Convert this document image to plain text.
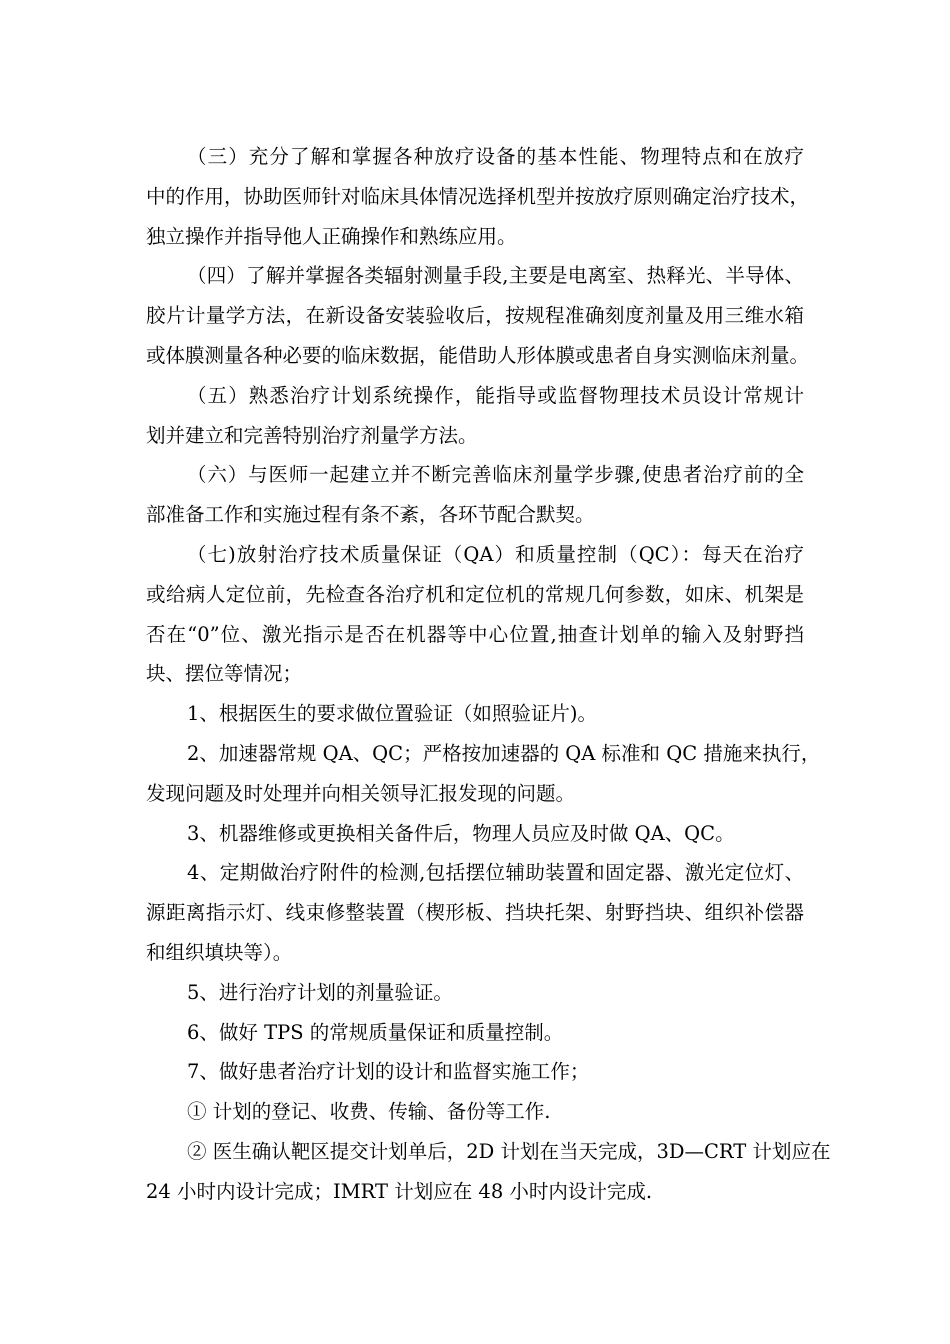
（三）充分了解和掌握各种放疗设备的基本性能、物理特点和在放疗
中的作用，协助医师针对临床具体情况选择机型并按放疗原则确定治疗技术，
独立操作并指导他人正确操作和熟练应用。

（四）了解并掌握各类辐射测量手段,主要是电离室、热释光、半导体、
胶片计量学方法，在新设备安装验收后，按规程准确刻度剂量及用三维水箱
或体膜测量各种必要的临床数据，能借助人形体膜或患者自身实测临床剂量。

（五）熟悉治疗计划系统操作，能指导或监督物理技术员设计常规计
划并建立和完善特别治疗剂量学方法。

（六）与医师一起建立并不断完善临床剂量学步骤,使患者治疗前的全
部准备工作和实施过程有条不紊，各环节配合默契。

（七)放射治疗技术质量保证（QA）和质量控制（QC）：每天在治疗
或给病人定位前，先检查各治疗机和定位机的常规几何参数，如床、机架是
否在“0”位、激光指示是否在机器等中心位置,抽查计划单的输入及射野挡
块、摆位等情况；

1、根据医生的要求做位置验证（如照验证片)。

2、加速器常规 QA、QC；严格按加速器的 QA 标准和 QC 措施来执行，
发现问题及时处理并向相关领导汇报发现的问题。

3、机器维修或更换相关备件后，物理人员应及时做 QA、QC。

4、定期做治疗附件的检测,包括摆位辅助装置和固定器、激光定位灯、
源距离指示灯、线束修整装置（楔形板、挡块托架、射野挡块、组织补偿器
和组织填块等）。

5、进行治疗计划的剂量验证。

6、做好 TPS 的常规质量保证和质量控制。

7、做好患者治疗计划的设计和监督实施工作；

① 计划的登记、收费、传输、备份等工作.

② 医生确认靶区提交计划单后，2D 计划在当天完成，3D—CRT 计划应在
24 小时内设计完成；IMRT 计划应在 48 小时内设计完成.
